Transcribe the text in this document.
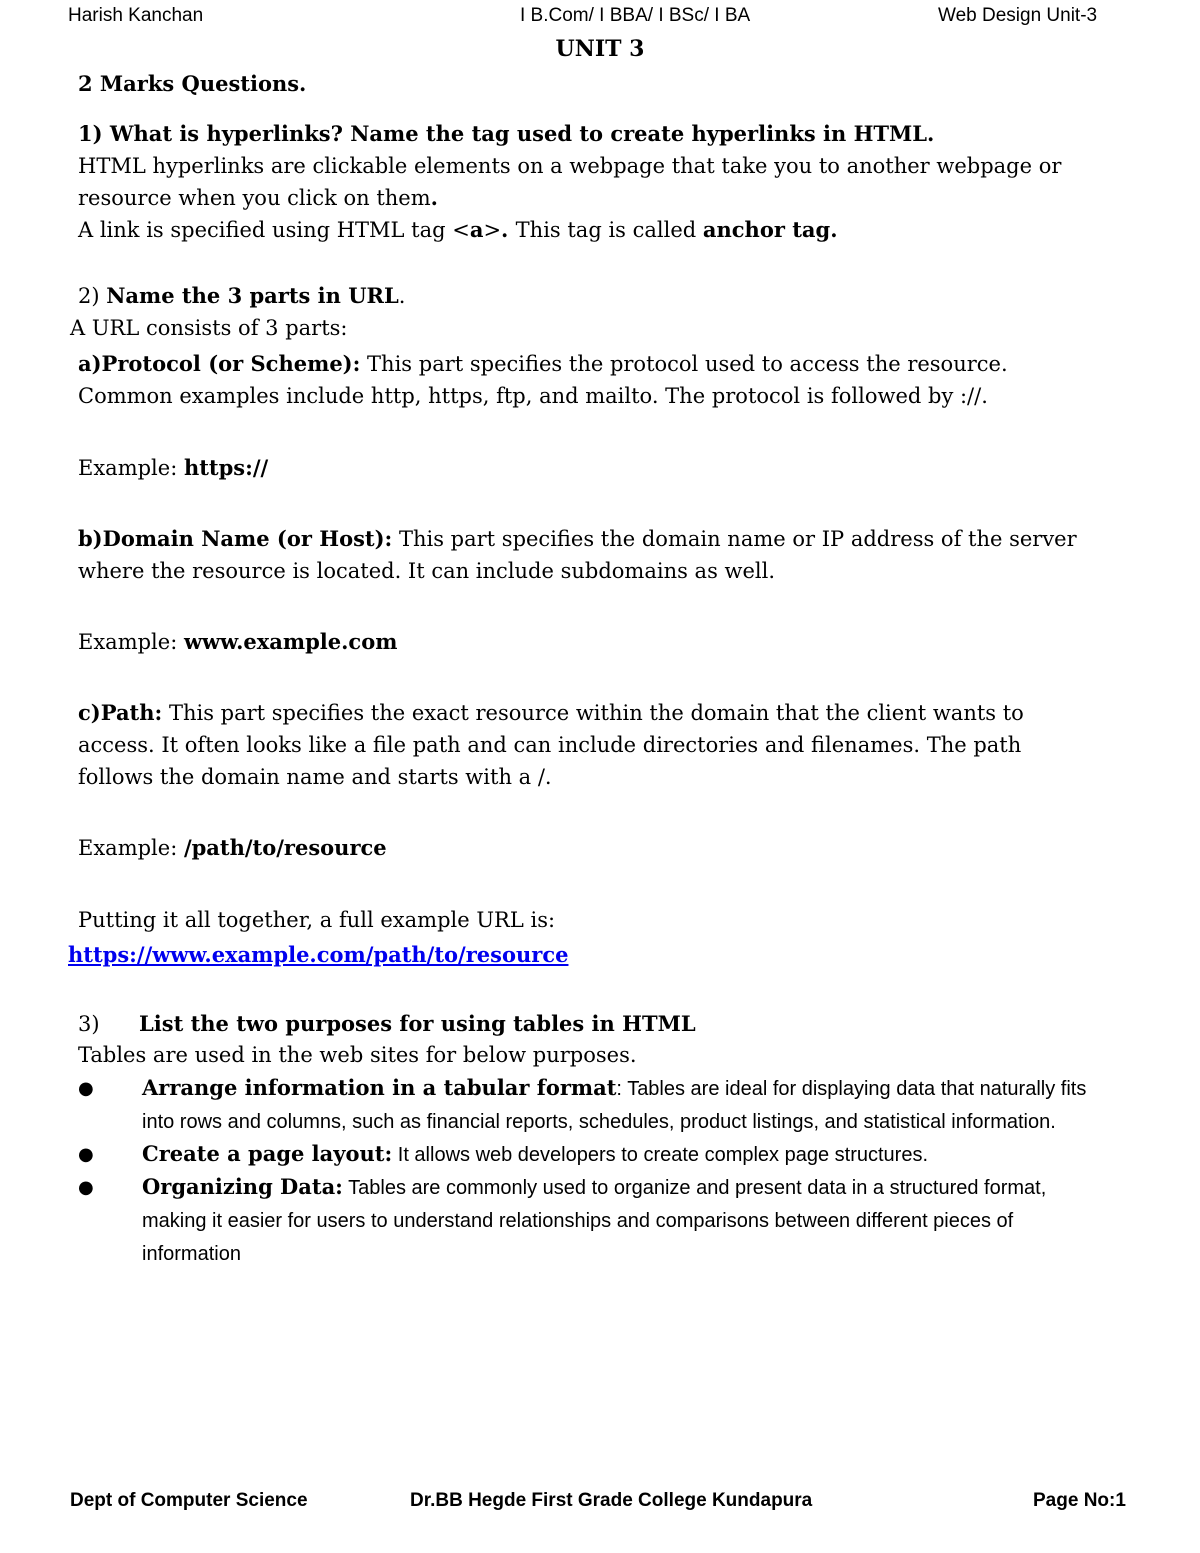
Harish Kanchan	I B.Com/ I BBA/ I BSc/ I BA	Web Design Unit-3
UNIT 3
2 Marks Questions.
1) What is hyperlinks? Name the tag used to create hyperlinks in HTML.
HTML hyperlinks are clickable elements on a webpage that take you to another webpage or
resource when you click on them.
A link is specified using HTML tag <a>. This tag is called anchor tag.
2) Name the 3 parts in URL.
A URL consists of 3 parts:
a)Protocol (or Scheme): This part specifies the protocol used to access the resource.
Common examples include http, https, ftp, and mailto. The protocol is followed by ://.
Example: https://
b)Domain Name (or Host): This part specifies the domain name or IP address of the server
where the resource is located. It can include subdomains as well.
Example: www.example.com
c)Path: This part specifies the exact resource within the domain that the client wants to
access. It often looks like a file path and can include directories and filenames. The path
follows the domain name and starts with a /.
Example: /path/to/resource
Putting it all together, a full example URL is:
https://www.example.com/path/to/resource
3) List the two purposes for using tables in HTML
Tables are used in the web sites for below purposes.
● Arrange information in a tabular format: Tables are ideal for displaying data that naturally fits
into rows and columns, such as financial reports, schedules, product listings, and statistical information.
● Create a page layout: It allows web developers to create complex page structures.
● Organizing Data: Tables are commonly used to organize and present data in a structured format,
making it easier for users to understand relationships and comparisons between different pieces of
information
Dept of Computer Science	Dr.BB Hegde First Grade College Kundapura	Page No:1
